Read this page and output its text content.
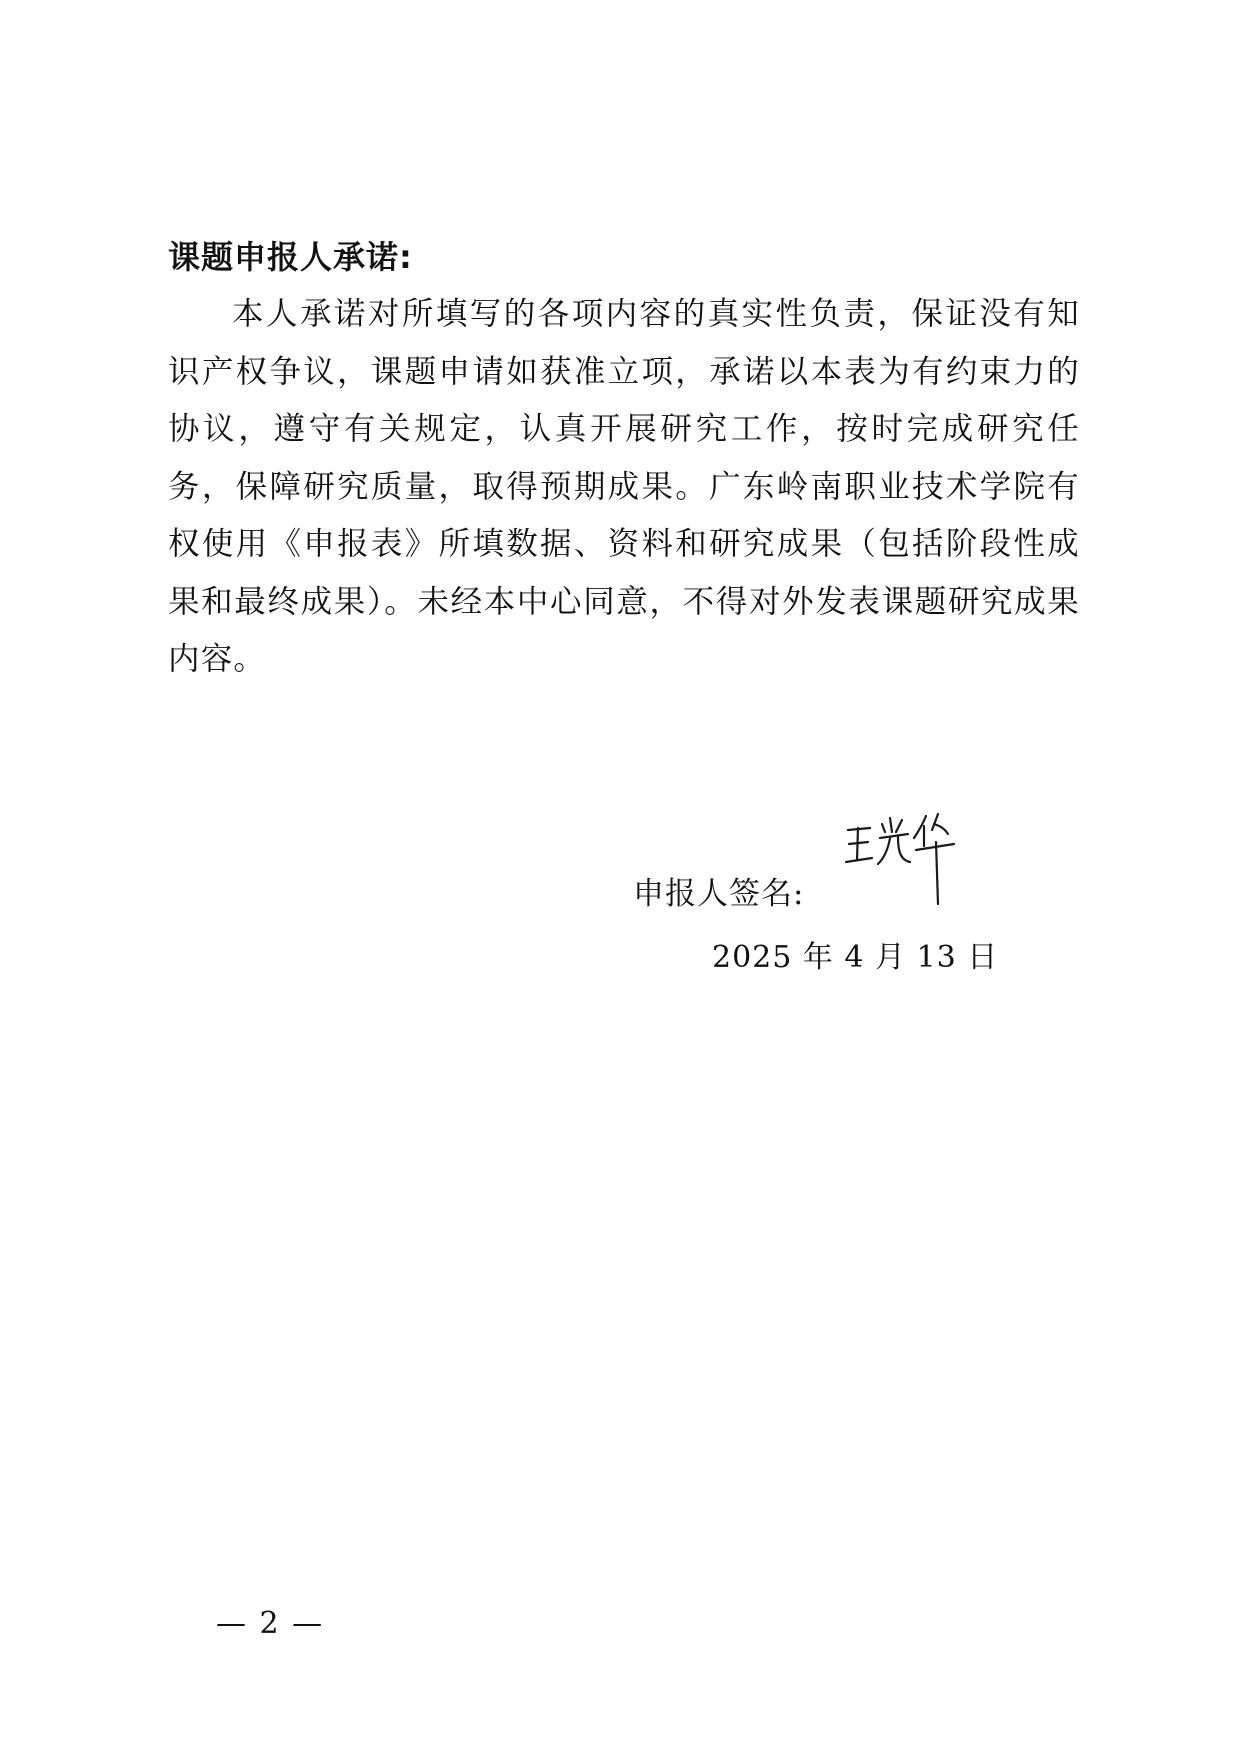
课题申报人承诺:
本人承诺对所填写的各项内容的真实性负责，保证没有知识产权争议，课题申请如获准立项，承诺以本表为有约束力的协议，遵守有关规定，认真开展研究工作，按时完成研究任务，保障研究质量，取得预期成果。广东岭南职业技术学院有权使用《申报表》所填数据、资料和研究成果（包括阶段性成果和最终成果）。未经本中心同意，不得对外发表课题研究成果内容。
申报人签名:
2025 年 4 月 13 日
— 2 —
